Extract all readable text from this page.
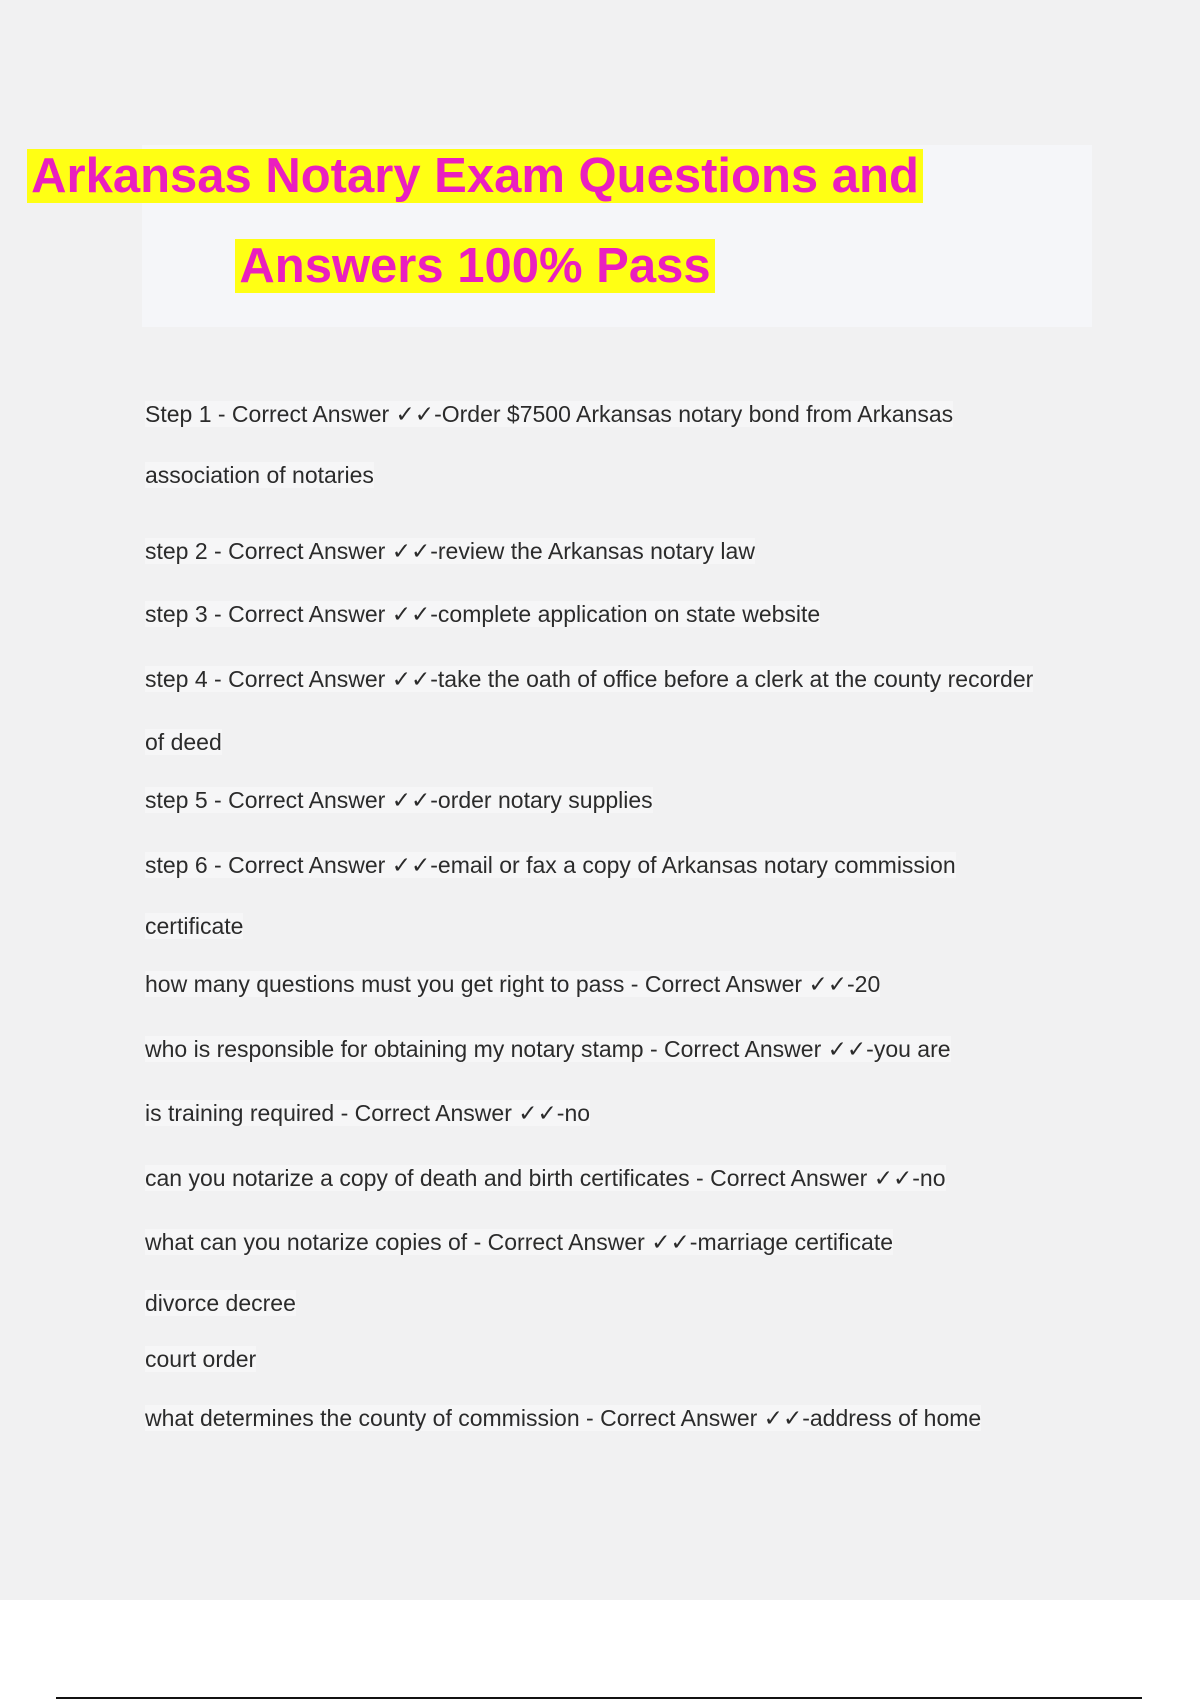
Arkansas Notary Exam Questions and
Answers 100% Pass
Step 1 - Correct Answer ✓✓-Order $7500 Arkansas notary bond from Arkansas
association of notaries
step 2 - Correct Answer ✓✓-review the Arkansas notary law
step 3 - Correct Answer ✓✓-complete application on state website
step 4 - Correct Answer ✓✓-take the oath of office before a clerk at the county recorder
of deed
step 5 - Correct Answer ✓✓-order notary supplies
step 6 - Correct Answer ✓✓-email or fax a copy of Arkansas notary commission
certificate
how many questions must you get right to pass - Correct Answer ✓✓-20
who is responsible for obtaining my notary stamp - Correct Answer ✓✓-you are
is training required - Correct Answer ✓✓-no
can you notarize a copy of death and birth certificates - Correct Answer ✓✓-no
what can you notarize copies of - Correct Answer ✓✓-marriage certificate
divorce decree
court order
what determines the county of commission - Correct Answer ✓✓-address of home
